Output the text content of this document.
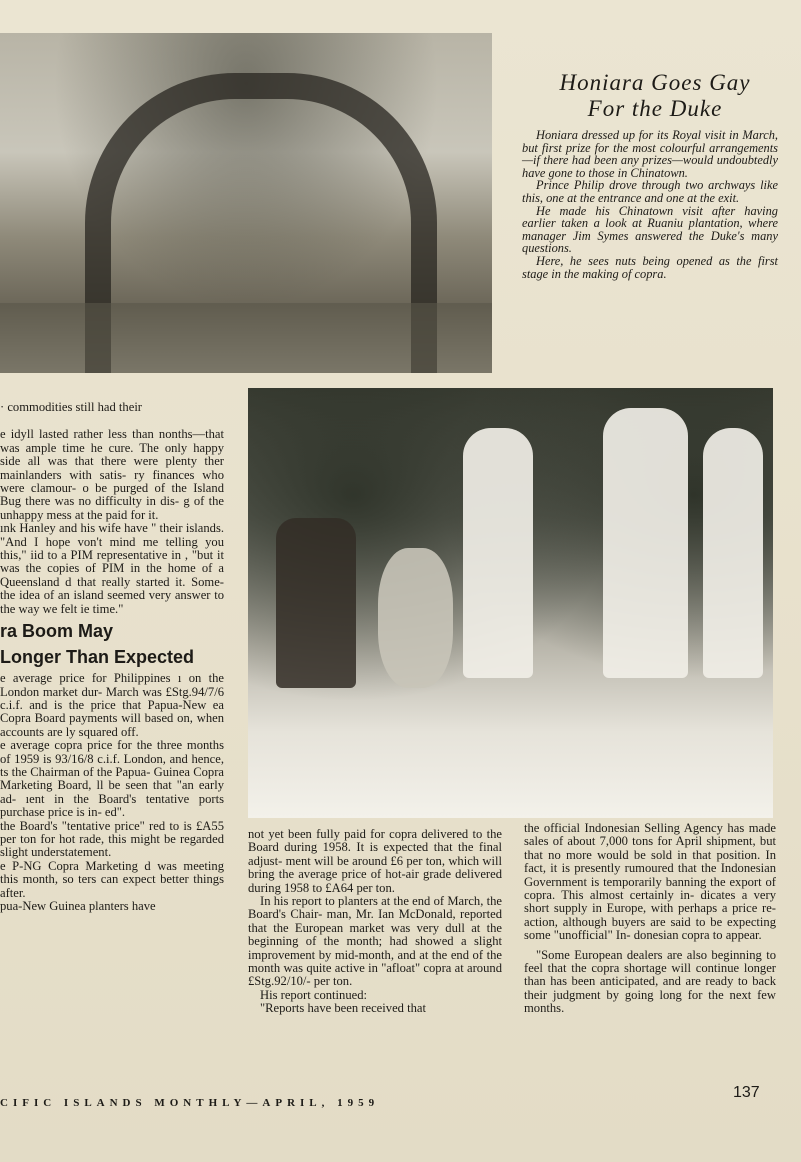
Honiara Goes Gay
For the Duke

Honiara dressed up for its Royal visit in March, but first prize for the most colourful arrangements—if there had been any prizes—would undoubtedly have gone to those in Chinatown.

Prince Philip drove through two archways like this, one at the entrance and one at the exit.

He made his Chinatown visit after having earlier taken a look at Ruaniu plantation, where manager Jim Symes answered the Duke's many questions.

Here, he sees nuts being opened as the first stage in the making of copra.

· commodities still had their

e idyll lasted rather less than nonths—that was ample time he cure. The only happy side all was that there were plenty ther mainlanders with satis- ry finances who were clamour- o be purged of the Island Bug there was no difficulty in dis- g of the unhappy mess at the paid for it.

ınk Hanley and his wife have " their islands. "And I hope von't mind me telling you this," iid to a PIM representative in , "but it was the copies of PIM in the home of a Queensland d that really started it. Some- the idea of an island seemed very answer to the way we felt ie time."

ra Boom May
Longer Than Expected

e average price for Philippines ı on the London market dur- March was £Stg.94/7/6 c.i.f. and is the price that Papua-New ea Copra Board payments will based on, when accounts are ly squared off.

e average copra price for the three months of 1959 is 93/16/8 c.i.f. London, and hence, ts the Chairman of the Papua- Guinea Copra Marketing Board, ll be seen that "an early ad- ıent in the Board's tentative ports purchase price is in- ed".

the Board's "tentative price" red to is £A55 per ton for hot rade, this might be regarded slight understatement.

e P-NG Copra Marketing d was meeting this month, so ters can expect better things after.

pua-New Guinea planters have

not yet been fully paid for copra delivered to the Board during 1958. It is expected that the final adjust- ment will be around £6 per ton, which will bring the average price of hot-air grade delivered during 1958 to £A64 per ton.

In his report to planters at the end of March, the Board's Chair- man, Mr. Ian McDonald, reported that the European market was very dull at the beginning of the month; had showed a slight improvement by mid-month, and at the end of the month was quite active in "afloat" copra at around £Stg.92/10/- per ton.

His report continued:

"Reports have been received that

the official Indonesian Selling Agency has made sales of about 7,000 tons for April shipment, but that no more would be sold in that position. In fact, it is presently rumoured that the Indonesian Government is temporarily banning the export of copra. This almost certainly in- dicates a very short supply in Europe, with perhaps a price re- action, although buyers are said to be expecting some "unofficial" In- donesian copra to appear.

"Some European dealers are also beginning to feel that the copra shortage will continue longer than has been anticipated, and are ready to back their judgment by going long for the next few months.

CIFIC ISLANDS MONTHLY—APRIL, 1959
137
